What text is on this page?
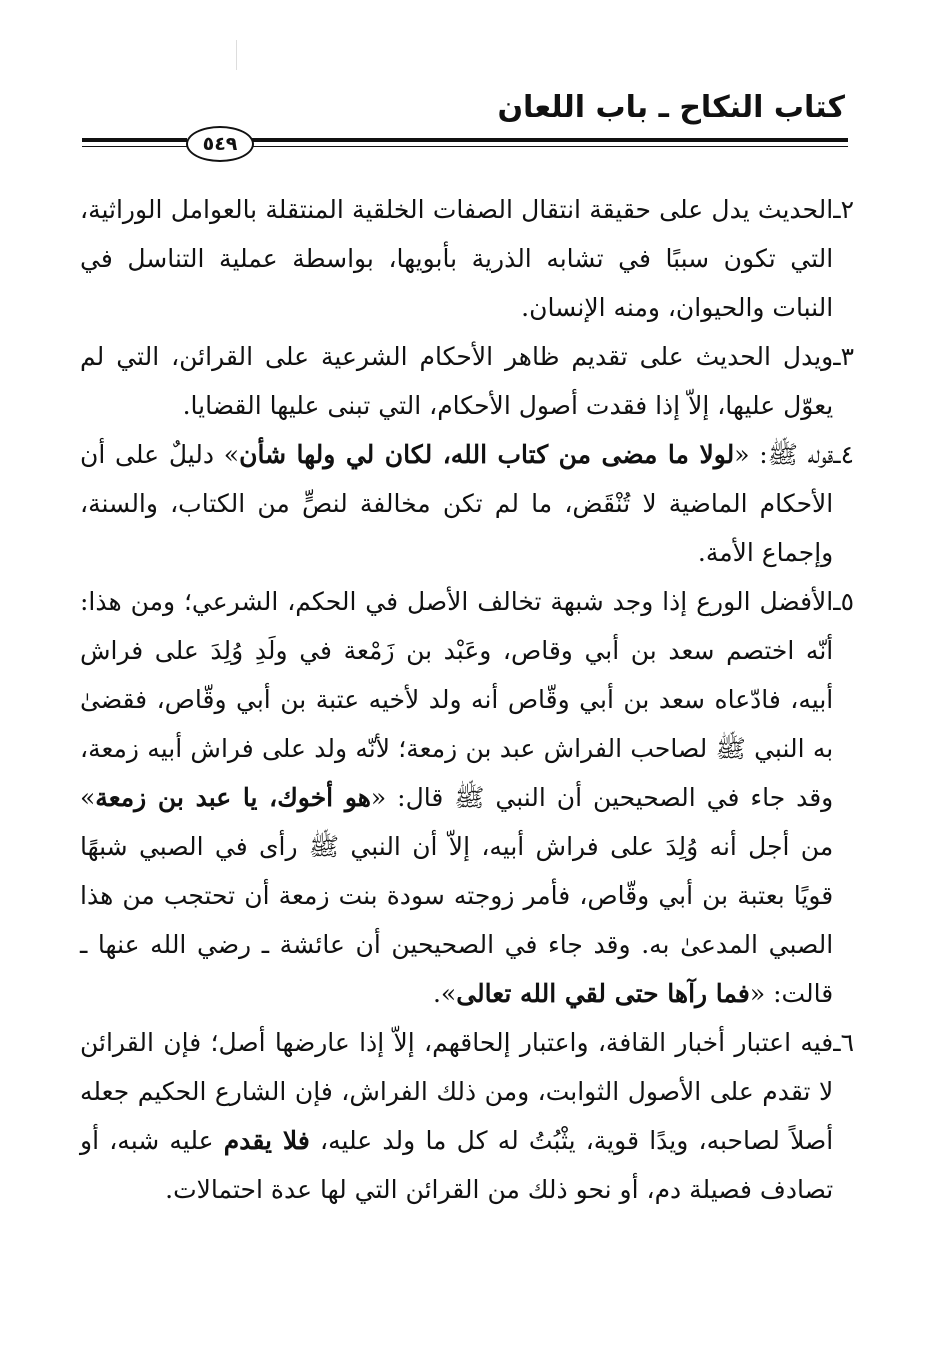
كتاب النكاح ـ باب اللعان
٥٤٩
٢ـ
الحديث يدل على حقيقة انتقال الصفات الخلقية المنتقلة بالعوامل الوراثية، التي تكون سببًا في تشابه الذرية بأبويها، بواسطة عملية التناسل في النبات والحيوان، ومنه الإنسان.
٣ـ
ويدل الحديث على تقديم ظاهر الأحكام الشرعية على القرائن، التي لم يعوّل عليها، إلاّ إذا فقدت أصول الأحكام، التي تبنى عليها القضايا.
٤ـ
قوله ﷺ: «لولا ما مضى من كتاب الله، لكان لي ولها شأن» دليلٌ على أن الأحكام الماضية لا تُنْقَض، ما لم تكن مخالفة لنصٍّ من الكتاب، والسنة، وإجماع الأمة.
٥ـ
الأفضل الورع إذا وجد شبهة تخالف الأصل في الحكم، الشرعي؛ ومن هذا: أنّه اختصم سعد بن أبي وقاص، وعَبْد بن زَمْعة في ولَدِ وُلِدَ على فراش أبيه، فادّعاه سعد بن أبي وقّاص أنه ولد لأخيه عتبة بن أبي وقّاص، فقضىٰ به النبي ﷺ لصاحب الفراش عبد بن زمعة؛ لأنّه ولد على فراش أبيه زمعة، وقد جاء في الصحيحين أن النبي ﷺ قال: «هو أخوك، يا عبد بن زمعة» من أجل أنه وُلِدَ على فراش أبيه، إلاّ أن النبي ﷺ رأى في الصبي شبهًا قويًا بعتبة بن أبي وقّاص، فأمر زوجته سودة بنت زمعة أن تحتجب من هذا الصبي المدعىٰ به. وقد جاء في الصحيحين أن عائشة ـ رضي الله عنها ـ قالت: «فما رآها حتى لقي الله تعالى».
٦ـ
فيه اعتبار أخبار القافة، واعتبار إلحاقهم، إلاّ إذا عارضها أصل؛ فإن القرائن لا تقدم على الأصول الثوابت، ومن ذلك الفراش، فإن الشارع الحكيم جعله أصلاً لصاحبه، ويدًا قوية، يثْبُتُ له كل ما ولد عليه، فلا يقدم عليه شبه، أو تصادف فصيلة دم، أو نحو ذلك من القرائن التي لها عدة احتمالات.
